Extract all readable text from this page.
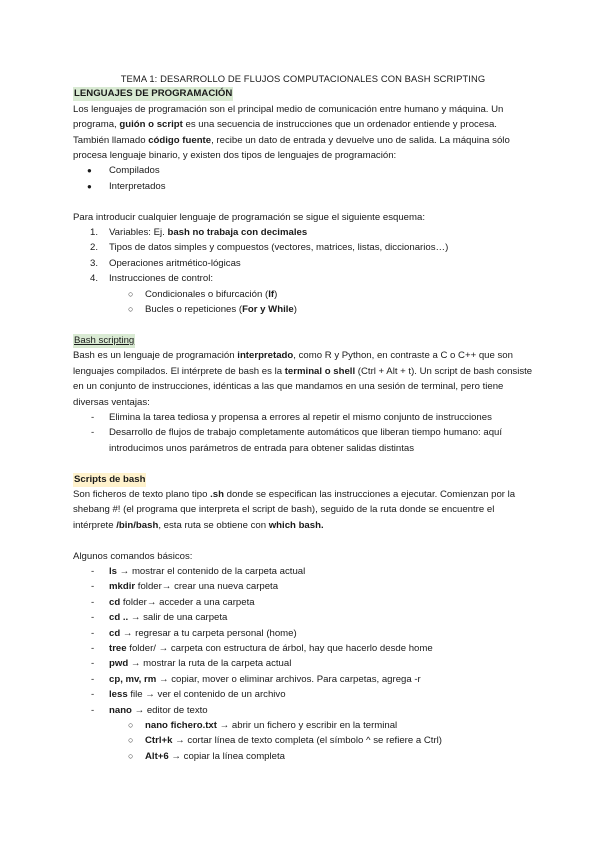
TEMA 1: DESARROLLO DE FLUJOS COMPUTACIONALES CON BASH SCRIPTING

LENGUAJES DE PROGRAMACIÓN

Los lenguajes de programación son el principal medio de comunicación entre humano y máquina. Un programa, guión o script es una secuencia de instrucciones que un ordenador entiende y procesa. También llamado código fuente, recibe un dato de entrada y devuelve uno de salida. La máquina sólo procesa lenguaje binario, y existen dos tipos de lenguajes de programación:

● Compilados
● Interpretados

Para introducir cualquier lenguaje de programación se sigue el siguiente esquema:

1. Variables: Ej. bash no trabaja con decimales
2. Tipos de datos simples y compuestos (vectores, matrices, listas, diccionarios…)
3. Operaciones aritmético-lógicas
4. Instrucciones de control:
○ Condicionales o bifurcación (If)
○ Bucles o repeticiones (For y While)
Bash scripting

Bash es un lenguaje de programación interpretado, como R y Python, en contraste a C o C++ que son lenguajes compilados. El intérprete de bash es la terminal o shell (Ctrl + Alt + t). Un script de bash consiste en un conjunto de instrucciones, idénticas a las que mandamos en una sesión de terminal, pero tiene diversas ventajas:

- Elimina la tarea tediosa y propensa a errores al repetir el mismo conjunto de instrucciones
- Desarrollo de flujos de trabajo completamente automáticos que liberan tiempo humano: aquí introducimos unos parámetros de entrada para obtener salidas distintas
Scripts de bash

Son ficheros de texto plano tipo .sh donde se especifican las instrucciones a ejecutar. Comienzan por la shebang #! (el programa que interpreta el script de bash), seguido de la ruta donde se encuentre el intérprete /bin/bash, esta ruta se obtiene con which bash.

Algunos comandos básicos:

- ls → mostrar el contenido de la carpeta actual
- mkdir folder→ crear una nueva carpeta
- cd folder→ acceder a una carpeta
- cd .. → salir de una carpeta
- cd → regresar a tu carpeta personal (home)
- tree folder/ → carpeta con estructura de árbol, hay que hacerlo desde home
- pwd → mostrar la ruta de la carpeta actual
- cp, mv, rm → copiar, mover o eliminar archivos. Para carpetas, agrega -r
- less file → ver el contenido de un archivo
- nano → editor de texto
○ nano fichero.txt → abrir un fichero y escribir en la terminal
○ Ctrl+k → cortar línea de texto completa (el símbolo ^ se refiere a Ctrl)
○ Alt+6 → copiar la línea completa
